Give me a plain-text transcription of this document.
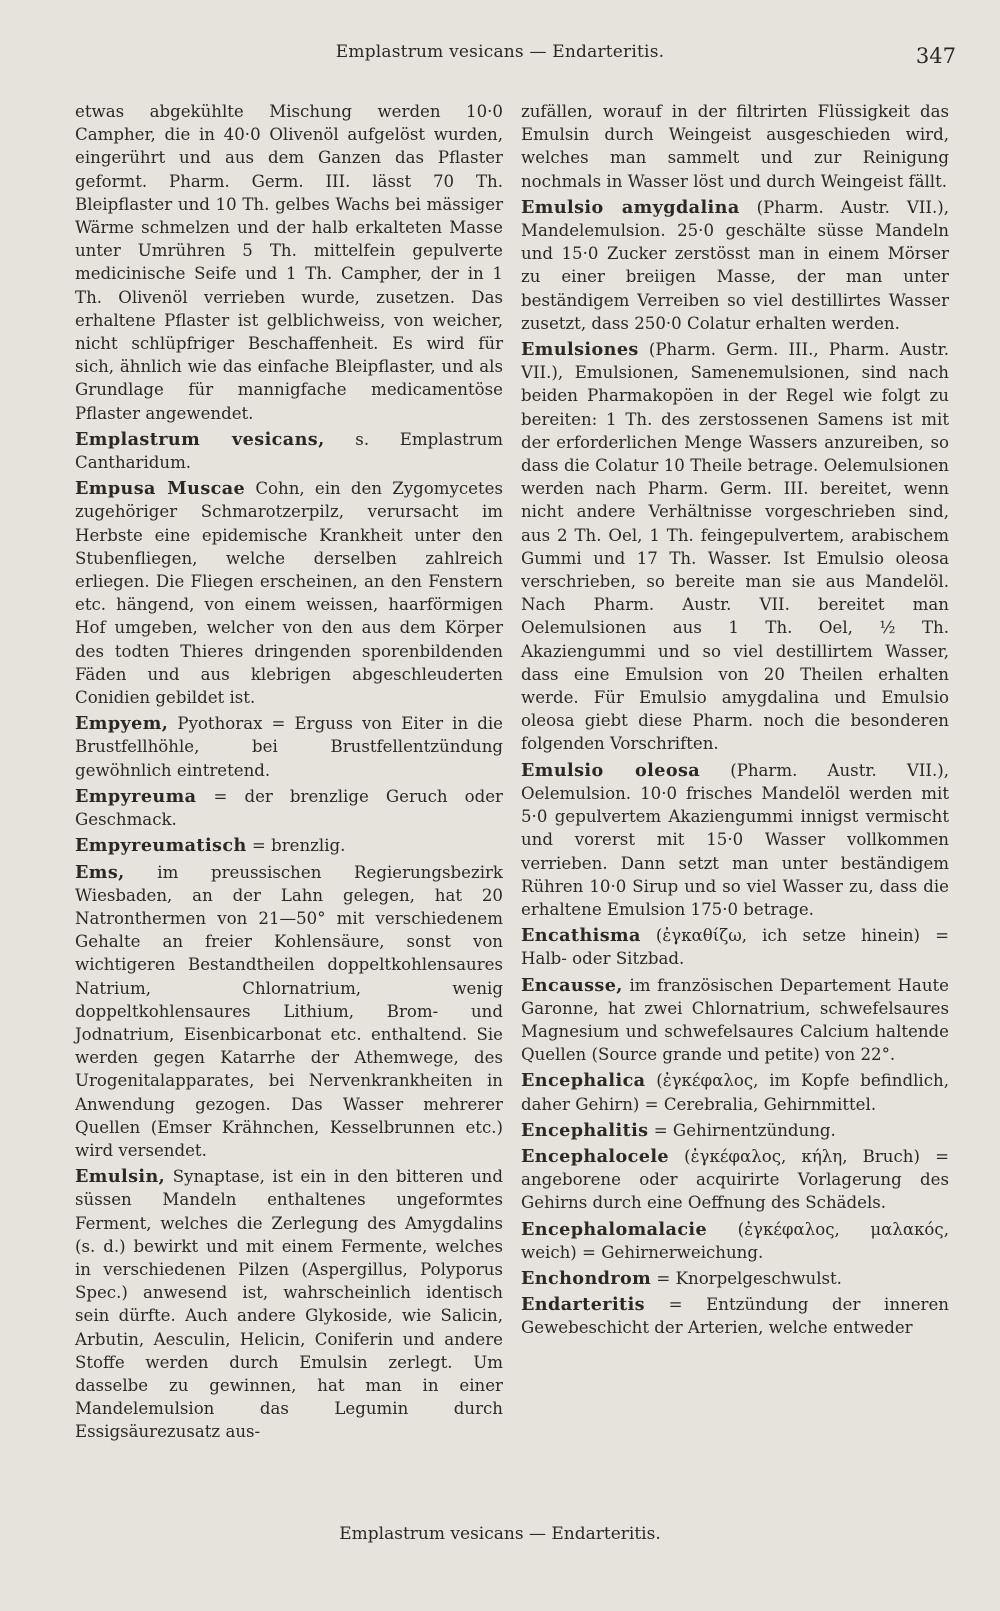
Emplastrum vesicans — Endarteritis.	347

etwas abgekühlte Mischung werden 10·0 Campher, die in 40·0 Olivenöl aufgelöst wurden, eingerührt und aus dem Ganzen das Pflaster geformt. Pharm. Germ. III. lässt 70 Th. Bleipflaster und 10 Th. gelbes Wachs bei mässiger Wärme schmelzen und der halb erkalteten Masse unter Umrühren 5 Th. mittelfein gepulverte medicinische Seife und 1 Th. Campher, der in 1 Th. Olivenöl verrieben wurde, zusetzen. Das erhaltene Pflaster ist gelblichweiss, von weicher, nicht schlüpfriger Beschaffenheit. Es wird für sich, ähnlich wie das einfache Bleipflaster, und als Grundlage für mannigfache medicamentöse Pflaster angewendet.

Emplastrum vesicans, s. Emplastrum Cantharidum.

Empusa Muscae Cohn, ein den Zygomycetes zugehöriger Schmarotzerpilz, verursacht im Herbste eine epidemische Krankheit unter den Stubenfliegen, welche derselben zahlreich erliegen. Die Fliegen erscheinen, an den Fenstern etc. hängend, von einem weissen, haarförmigen Hof umgeben, welcher von den aus dem Körper des todten Thieres dringenden sporenbildenden Fäden und aus klebrigen abgeschleuderten Conidien gebildet ist.

Empyem, Pyothorax = Erguss von Eiter in die Brustfellhöhle, bei Brustfellentzündung gewöhnlich eintretend.

Empyreuma = der brenzlige Geruch oder Geschmack.

Empyreumatisch = brenzlig.

Ems, im preussischen Regierungsbezirk Wiesbaden, an der Lahn gelegen, hat 20 Natronthermen von 21—50° mit verschiedenem Gehalte an freier Kohlensäure, sonst von wichtigeren Bestandtheilen doppeltkohlensaures Natrium, Chlornatrium, wenig doppeltkohlensaures Lithium, Brom- und Jodnatrium, Eisenbicarbonat etc. enthaltend. Sie werden gegen Katarrhe der Athemwege, des Urogenitalapparates, bei Nervenkrankheiten in Anwendung gezogen. Das Wasser mehrerer Quellen (Emser Krähnchen, Kesselbrunnen etc.) wird versendet.

Emulsin, Synaptase, ist ein in den bitteren und süssen Mandeln enthaltenes ungeformtes Ferment, welches die Zerlegung des Amygdalins (s. d.) bewirkt und mit einem Fermente, welches in verschiedenen Pilzen (Aspergillus, Polyporus Spec.) anwesend ist, wahrscheinlich identisch sein dürfte. Auch andere Glykoside, wie Salicin, Arbutin, Aesculin, Helicin, Coniferin und andere Stoffe werden durch Emulsin zerlegt. Um dasselbe zu gewinnen, hat man in einer Mandelemulsion das Legumin durch Essigsäurezusatz aus-

zufällen, worauf in der filtrirten Flüssigkeit das Emulsin durch Weingeist ausgeschieden wird, welches man sammelt und zur Reinigung nochmals in Wasser löst und durch Weingeist fällt.

Emulsio amygdalina (Pharm. Austr. VII.), Mandelemulsion. 25·0 geschälte süsse Mandeln und 15·0 Zucker zerstösst man in einem Mörser zu einer breiigen Masse, der man unter beständigem Verreiben so viel destillirtes Wasser zusetzt, dass 250·0 Colatur erhalten werden.

Emulsiones (Pharm. Germ. III., Pharm. Austr. VII.), Emulsionen, Samenemulsionen, sind nach beiden Pharmakopöen in der Regel wie folgt zu bereiten: 1 Th. des zerstossenen Samens ist mit der erforderlichen Menge Wassers anzureiben, so dass die Colatur 10 Theile betrage. Oelemulsionen werden nach Pharm. Germ. III. bereitet, wenn nicht andere Verhältnisse vorgeschrieben sind, aus 2 Th. Oel, 1 Th. feingepulvertem, arabischem Gummi und 17 Th. Wasser. Ist Emulsio oleosa verschrieben, so bereite man sie aus Mandelöl. Nach Pharm. Austr. VII. bereitet man Oelemulsionen aus 1 Th. Oel, ½ Th. Akaziengummi und so viel destillirtem Wasser, dass eine Emulsion von 20 Theilen erhalten werde. Für Emulsio amygdalina und Emulsio oleosa giebt diese Pharm. noch die besonderen folgenden Vorschriften.

Emulsio oleosa (Pharm. Austr. VII.), Oelemulsion. 10·0 frisches Mandelöl werden mit 5·0 gepulvertem Akaziengummi innigst vermischt und vorerst mit 15·0 Wasser vollkommen verrieben. Dann setzt man unter beständigem Rühren 10·0 Sirup und so viel Wasser zu, dass die erhaltene Emulsion 175·0 betrage.

Encathisma (ἐγκαθίζω, ich setze hinein) = Halb- oder Sitzbad.

Encausse, im französischen Departement Haute Garonne, hat zwei Chlornatrium, schwefelsaures Magnesium und schwefelsaures Calcium haltende Quellen (Source grande und petite) von 22°.

Encephalica (ἐγκέφαλος, im Kopfe befindlich, daher Gehirn) = Cerebralia, Gehirnmittel.

Encephalitis = Gehirnentzündung.

Encephalocele (ἐγκέφαλος, κήλη, Bruch) = angeborene oder acquirirte Vorlagerung des Gehirns durch eine Oeffnung des Schädels.

Encephalomalacie (ἐγκέφαλος, μαλακός, weich) = Gehirnerweichung.

Enchondrom = Knorpelgeschwulst.

Endarteritis = Entzündung der inneren Gewebeschicht der Arterien, welche entweder

Emplastrum vesicans — Endarteritis.
